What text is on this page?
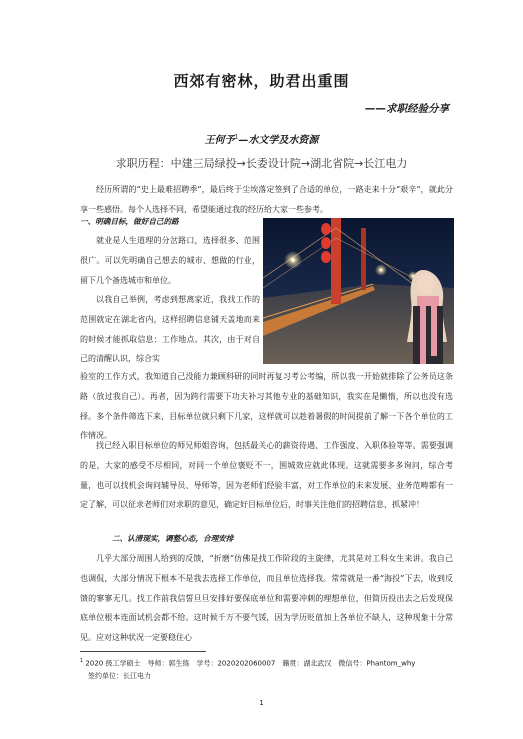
西郊有密林，助君出重围
——求职经验分享
王何予$^1$—水文学及水资源
求职历程：中建三局绿投→长委设计院→湖北省院→长江电力

经历所谓的“史上最难招聘季”，最后终于尘埃落定签到了合适的单位，一路走来十分“艰辛”，就此分享一些感悟。每个人选择不同，希望能通过我的经历给大家一些参考。

一、明确目标，做好自己的路

就业是人生道理的分岔路口，选择很多、范围很广。可以先明确自己想去的城市、想做的行业，留下几个备选城市和单位。

以我自己举例，考虑到想离家近，我找工作的范围就定在湖北省内，这样招聘信息铺天盖地而来的时候才能抓取信息：工作地点。其次，由于对自己的清醒认识，综合实

验室的工作方式，我知道自己没能力兼顾科研的同时再复习考公考编，所以我一开始就排除了公务员这条路（放过我自己）。再者，因为跨行需要下功夫补习其他专业的基础知识，我实在是懒惰，所以也没有选择。多个条件筛选下来，目标单位就只剩下几家，这样就可以趁着暑假的时间提前了解一下各个单位的工作情况。

找已经入职目标单位的师兄师姐咨询，包括最关心的薪资待遇、工作强度、入职体验等等。需要强调的是，大家的感受不尽相同，对同一个单位褒贬不一，围城效应就此体现。这就需要多多询问，综合考量，也可以找机会询问辅导员、导师等，因为老师们经验丰富，对工作单位的未来发展、业务范畴都有一定了解，可以征求老师们对求职的意见，确定好目标单位后，时事关注他们的招聘信息，抓紧冲！

二、认清现实，调整心态，合理安排

几乎大部分周围人给到的反馈，“折磨”仿佛是找工作阶段的主旋律，尤其是对工科女生来讲。我自己也调侃，大部分情况下根本不是我去选择工作单位，而且单位选择我。常常就是一番“海投”下去，收到反馈的寥寥无几。找工作前我信誓旦旦安排好要保底单位和需要冲刺的理想单位，但简历投出去之后发现保底单位根本连面试机会都不给。这时候千万不要气馁，因为学历贬值加上各单位不缺人，这种现象十分常见。应对这种状况一定要稳住心

$^1$ 2020 级工学硕士　导师：郭生练　学号：2020202060007　籍贯：湖北武汉　微信号：Phantom_why
签约单位：长江电力
1
